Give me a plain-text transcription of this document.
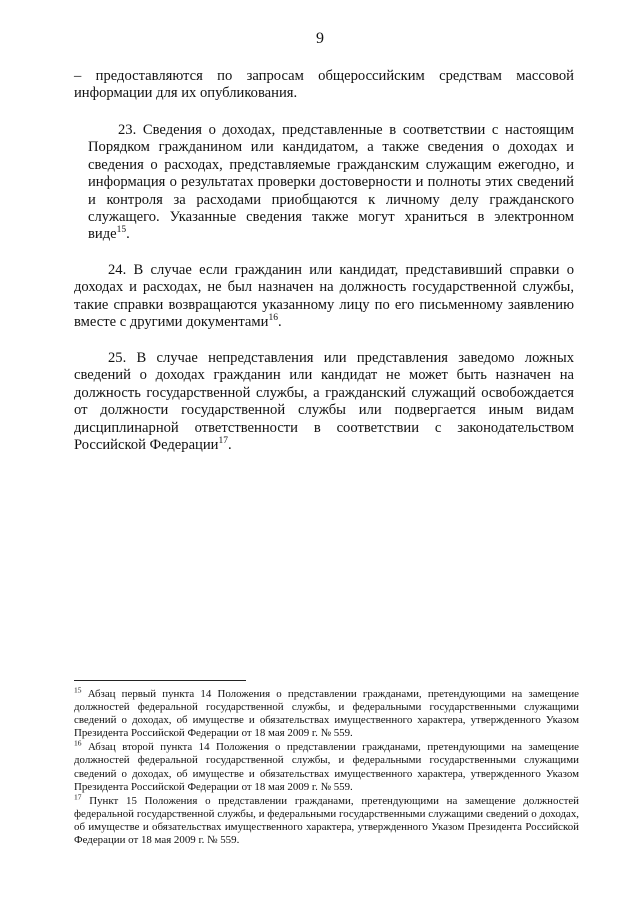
9

– предоставляются по запросам общероссийским средствам массовой информации для их опубликования.

23. Сведения о доходах, представленные в соответствии с настоящим Порядком гражданином или кандидатом, а также сведения о доходах и сведения о расходах, представляемые гражданским служащим ежегодно, и информация о результатах проверки достоверности и полноты этих сведений и контроля за расходами приобщаются к личному делу гражданского служащего. Указанные сведения также могут храниться в электронном виде$^{15}$.

24. В случае если гражданин или кандидат, представивший справки о доходах и расходах, не был назначен на должность государственной службы, такие справки возвращаются указанному лицу по его письменному заявлению вместе с другими документами$^{16}$.

25. В случае непредставления или представления заведомо ложных сведений о доходах гражданин или кандидат не может быть назначен на должность государственной службы, а гражданский служащий освобождается от должности государственной службы или подвергается иным видам дисциплинарной ответственности в соответствии с законодательством Российской Федерации$^{17}$.

$^{15}$ Абзац первый пункта 14 Положения о представлении гражданами, претендующими на замещение должностей федеральной государственной службы, и федеральными государственными служащими сведений о доходах, об имуществе и обязательствах имущественного характера, утвержденного Указом Президента Российской Федерации от 18 мая 2009 г. № 559.

$^{16}$ Абзац второй пункта 14 Положения о представлении гражданами, претендующими на замещение должностей федеральной государственной службы, и федеральными государственными служащими сведений о доходах, об имуществе и обязательствах имущественного характера, утвержденного Указом Президента Российской Федерации от 18 мая 2009 г. № 559.

$^{17}$ Пункт 15 Положения о представлении гражданами, претендующими на замещение должностей федеральной государственной службы, и федеральными государственными служащими сведений о доходах, об имуществе и обязательствах имущественного характера, утвержденного Указом Президента Российской Федерации от 18 мая 2009 г. № 559.
